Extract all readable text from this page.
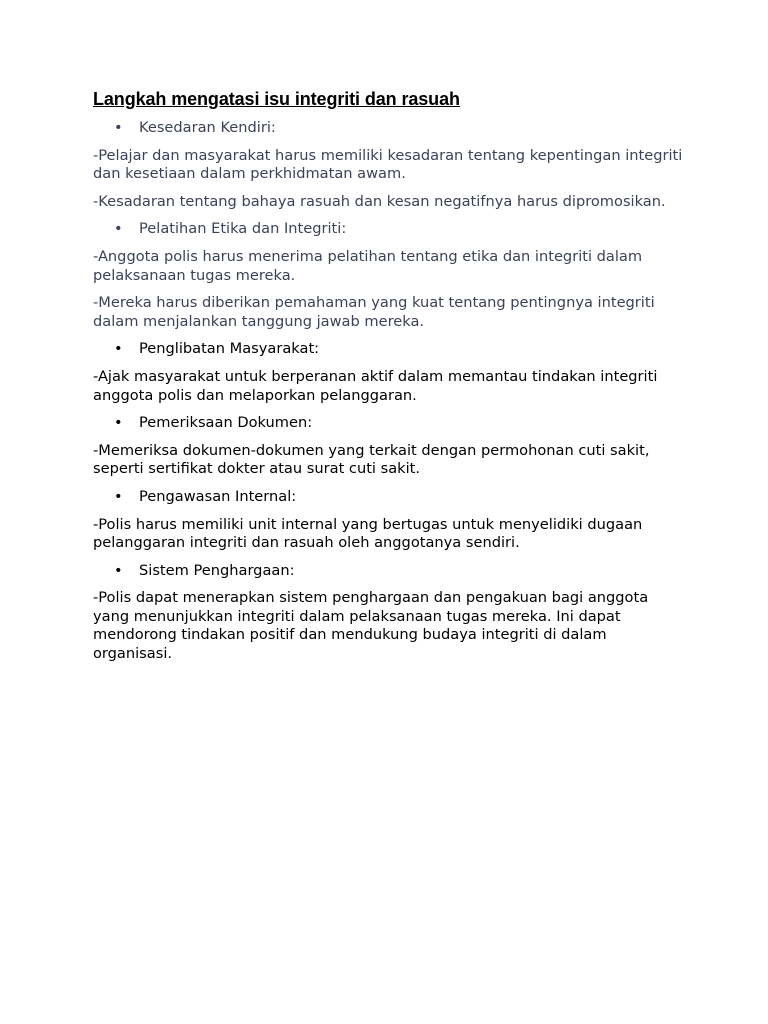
Langkah mengatasi isu integriti dan rasuah
• Kesedaran Kendiri:

-Pelajar dan masyarakat harus memiliki kesadaran tentang kepentingan integriti dan kesetiaan dalam perkhidmatan awam.

-Kesadaran tentang bahaya rasuah dan kesan negatifnya harus dipromosikan.

• Pelatihan Etika dan Integriti:

-Anggota polis harus menerima pelatihan tentang etika dan integriti dalam pelaksanaan tugas mereka.

-Mereka harus diberikan pemahaman yang kuat tentang pentingnya integriti dalam menjalankan tanggung jawab mereka.

• Penglibatan Masyarakat:

-Ajak masyarakat untuk berperanan aktif dalam memantau tindakan integriti anggota polis dan melaporkan pelanggaran.

• Pemeriksaan Dokumen:

-Memeriksa dokumen-dokumen yang terkait dengan permohonan cuti sakit, seperti sertifikat dokter atau surat cuti sakit.

• Pengawasan Internal:

-Polis harus memiliki unit internal yang bertugas untuk menyelidiki dugaan pelanggaran integriti dan rasuah oleh anggotanya sendiri.

• Sistem Penghargaan:

-Polis dapat menerapkan sistem penghargaan dan pengakuan bagi anggota yang menunjukkan integriti dalam pelaksanaan tugas mereka. Ini dapat mendorong tindakan positif dan mendukung budaya integriti di dalam organisasi.
